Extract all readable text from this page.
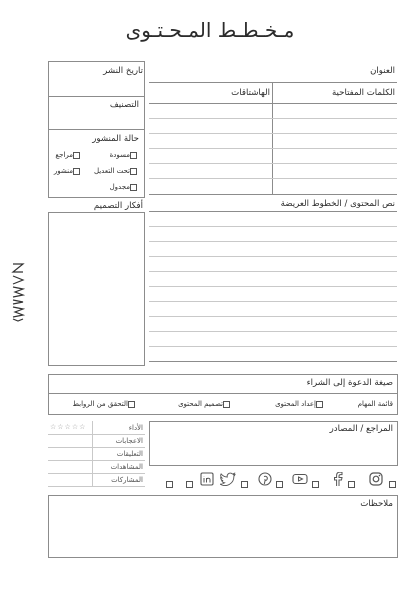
مـخـطـط المـحـتـوى
تاريخ النشر
التصنيف
حالة المنشور
مسودة
مراجع
تحت التعديل
منشور
مجدول
العنوان
الكلمات المفتاحية
الهاشتاقات
أفكار التصميم	نص المحتوى / الخطوط العريضة
صيغة الدعوة إلى الشراء
قائمة المهام
إعداد المحتوى
تصميم المحتوى
التحقق من الروابط
☆☆☆☆☆	الأداء
الاعجابات
التعليقات
المشاهدات
المشاركات
المراجع / المصادر
ملاحظات
